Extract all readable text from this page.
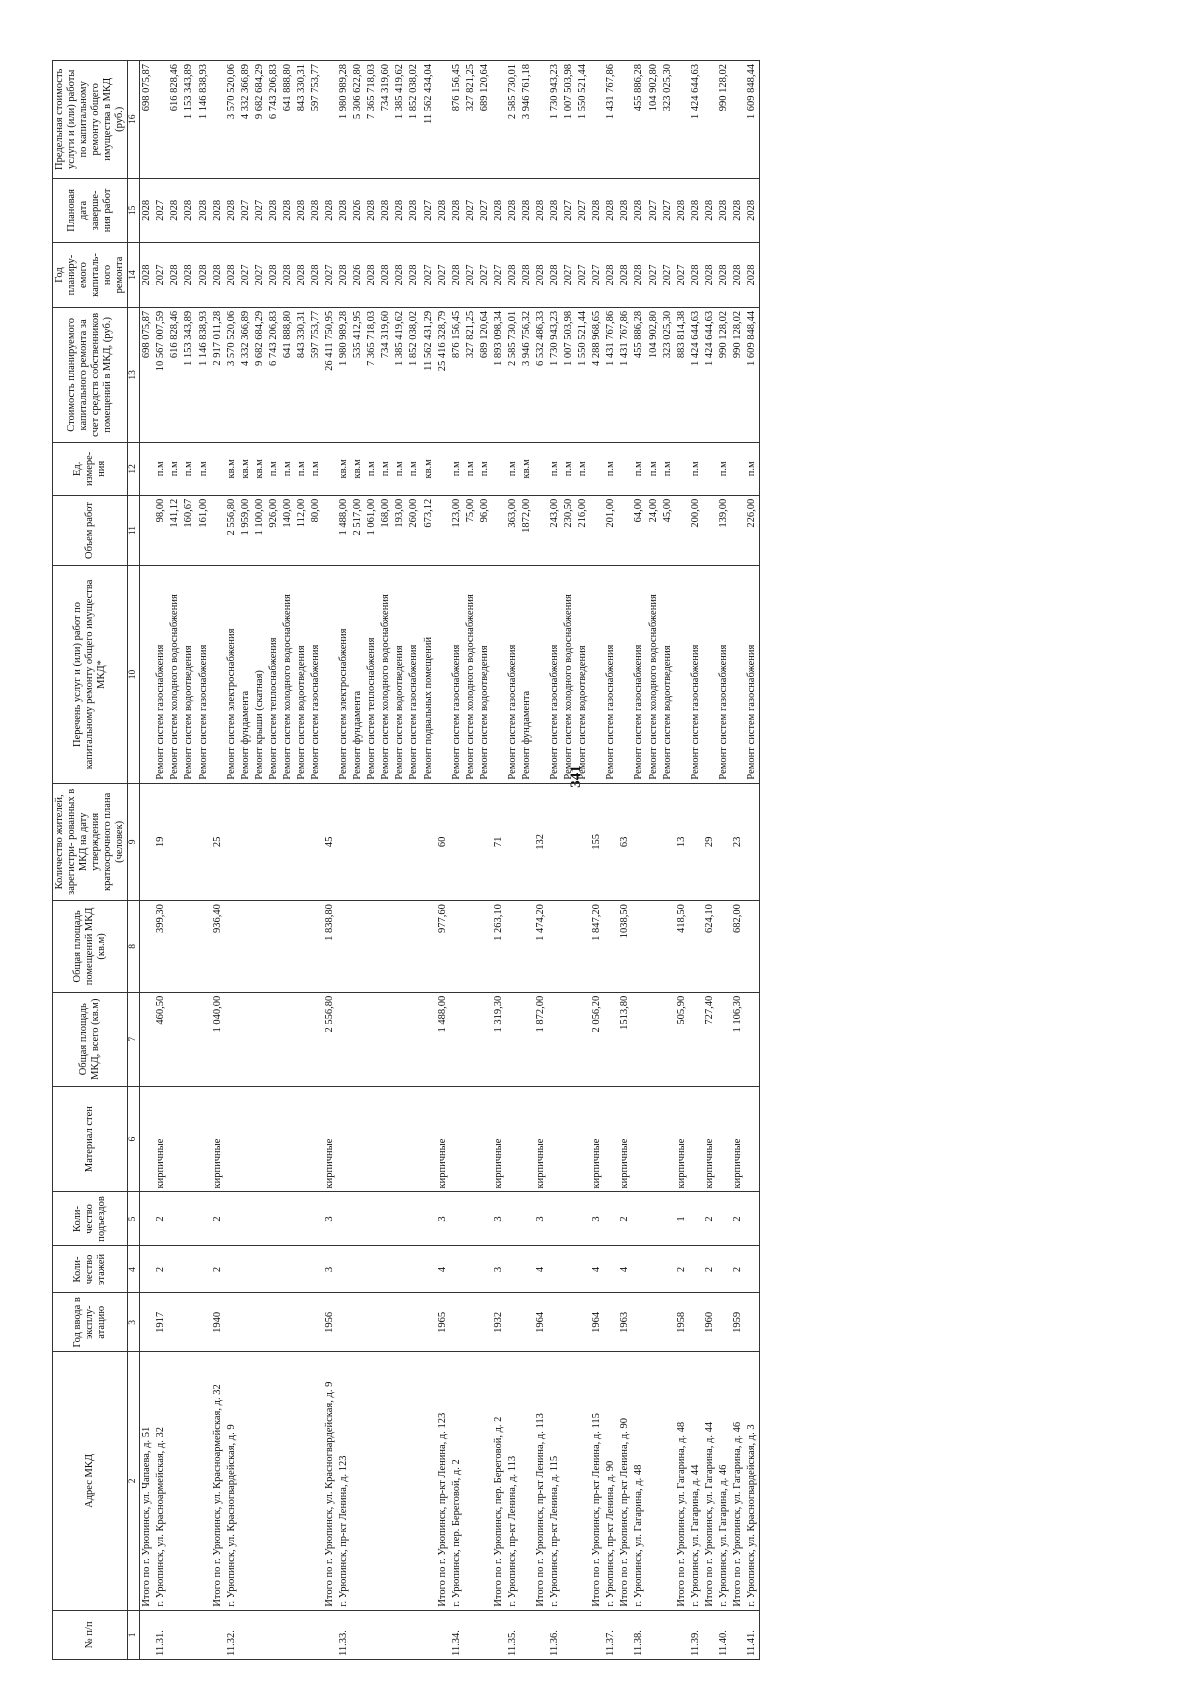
341
№ п/п	Адрес МКД	Год ввода в эксплу- атацию	Коли- чество этажей	Коли- чество подъездов	Материал стен	Общая площадь МКД, всего (кв.м)	Общая площадь помещений МКД (кв.м)	Количество жителей, зарегистри- рованных в МКД на дату утверждения краткосрочного плана (человек)	Перечень услуг и (или) работ по капитальному ремонту общего имущества МКД*	Объем работ	Ед. измере- ния	Стоимость планируемого капитального ремонта за счет средств собственников помещений в МКД, (руб.)	Год планиру- емого капиталь- ного ремонта	Плановая дата заверше- ния работ	Предельная стоимость услуги и (или) работы по капитальному ремонту общего имущества в МКД (руб.)
1	2	3	4	5	6	7	8	9	10	11	12	13	14	15	16
	Итого по г. Урюпинск, ул. Чапаева, д. 51											698 075,87	2028	2028	698 075,87
11.31.	г. Урюпинск, ул. Красноармейская, д. 32	1917	2	2	кирпичные	460,50	399,30	19	Ремонт систем газоснабжения	98,00	п.м	10 567 007,59	2027	2027	
									Ремонт систем холодного водоснабжения	141,12	п.м	616 828,46	2028	2028	616 828,46
									Ремонт систем водоотведения	160,67	п.м	1 153 343,89	2028	2028	1 153 343,89
									Ремонт систем газоснабжения	161,00	п.м	1 146 838,93	2028	2028	1 146 838,93
	Итого по г. Урюпинск, ул. Красноармейская, д. 32	1940	2	2	кирпичные	1 040,00	936,40	25				2 917 011,28	2028	2028	
11.32.	г. Урюпинск, ул. Красногвардейская, д. 9								Ремонт систем электроснабжения	2 556,80	кв.м	3 570 520,06	2028	2028	3 570 520,06
									Ремонт фундамента	1 959,00	кв.м	4 332 366,89	2027	2027	4 332 366,89
									Ремонт крыши (скатная)	1 100,00	кв.м	9 682 684,29	2027	2027	9 682 684,29
									Ремонт систем теплоснабжения	926,00	п.м	6 743 206,83	2028	2028	6 743 206,83
									Ремонт систем холодного водоснабжения	140,00	п.м	641 888,80	2028	2028	641 888,80
									Ремонт систем водоотведения	112,00	п.м	843 330,31	2028	2028	843 330,31
									Ремонт систем газоснабжения	80,00	п.м	597 753,77	2028	2028	597 753,77
	Итого по г. Урюпинск, ул. Красногвардейская, д. 9	1956	3	3	кирпичные	2 556,80	1 838,80	45				26 411 750,95	2027	2028	
11.33.	г. Урюпинск, пр-кт Ленина, д. 123								Ремонт систем электроснабжения	1 488,00	кв.м	1 980 989,28	2028	2028	1 980 989,28
									Ремонт фундамента	2 517,00	кв.м	535 412,95	2026	2026	5 306 622,80
									Ремонт систем теплоснабжения	1 061,00	п.м	7 365 718,03	2028	2028	7 365 718,03
									Ремонт систем холодного водоснабжения	168,00	п.м	734 319,60	2028	2028	734 319,60
									Ремонт систем водоотведения	193,00	п.м	1 385 419,62	2028	2028	1 385 419,62
									Ремонт систем газоснабжения	260,00	п.м	1 852 038,02	2028	2028	1 852 038,02
									Ремонт подвальных помещений	673,12	кв.м	11 562 431,29	2027	2027	11 562 434,04
	Итого по г. Урюпинск, пр-кт Ленина, д. 123	1965	4	3	кирпичные	1 488,00	977,60	60				25 416 328,79	2027	2028	
11.34.	г. Урюпинск, пер. Береговой, д. 2								Ремонт систем газоснабжения	123,00	п.м	876 156,45	2028	2028	876 156,45
									Ремонт систем холодного водоснабжения	75,00	п.м	327 821,25	2027	2027	327 821,25
									Ремонт систем водоотведения	96,00	п.м	689 120,64	2027	2027	689 120,64
	Итого по г. Урюпинск, пер. Береговой, д. 2	1932	3	3	кирпичные	1 319,30	1 263,10	71				1 893 098,34	2027	2028	
11.35.	г. Урюпинск, пр-кт Ленина, д. 113								Ремонт систем газоснабжения	363,00	п.м	2 585 730,01	2028	2028	2 585 730,01
									Ремонт фундамента	1872,00	кв.м	3 946 756,32	2028	2028	3 946 761,18
	Итого по г. Урюпинск, пр-кт Ленина, д. 113	1964	4	3	кирпичные	1 872,00	1 474,20	132				6 532 486,33	2028	2028	
11.36.	г. Урюпинск, пр-кт Ленина, д. 115								Ремонт систем газоснабжения	243,00	п.м	1 730 943,23	2028	2028	1 730 943,23
									Ремонт систем холодного водоснабжения	230,50	п.м	1 007 503,98	2027	2027	1 007 503,98
									Ремонт систем водоотведения	216,00	п.м	1 550 521,44	2027	2027	1 550 521,44
	Итого по г. Урюпинск, пр-кт Ленина, д. 115	1964	4	3	кирпичные	2 056,20	1 847,20	155				4 288 968,65	2027	2028	
11.37.	г. Урюпинск, пр-кт Ленина, д. 90								Ремонт систем газоснабжения	201,00	п.м	1 431 767,86	2028	2028	1 431 767,86
	Итого по г. Урюпинск, пр-кт Ленина, д. 90	1963	4	2	кирпичные	1513,80	1038,50	63				1 431 767,86	2028	2028	
11.38.	г. Урюпинск, ул. Гагарина, д. 48								Ремонт систем газоснабжения	64,00	п.м	455 886,28	2028	2028	455 886,28
									Ремонт систем холодного водоснабжения	24,00	п.м	104 902,80	2027	2027	104 902,80
									Ремонт систем водоотведения	45,00	п.м	323 025,30	2027	2027	323 025,30
	Итого по г. Урюпинск, ул. Гагарина, д. 48	1958	2	1	кирпичные	505,90	418,50	13				883 814,38	2027	2028	
11.39.	г. Урюпинск, ул. Гагарина, д. 44								Ремонт систем газоснабжения	200,00	п.м	1 424 644,63	2028	2028	1 424 644,63
	Итого по г. Урюпинск, ул. Гагарина, д. 44	1960	2	2	кирпичные	727,40	624,10	29				1 424 644,63	2028	2028	
11.40.	г. Урюпинск, ул. Гагарина, д. 46								Ремонт систем газоснабжения	139,00	п.м	990 128,02	2028	2028	990 128,02
	Итого по г. Урюпинск, ул. Гагарина, д. 46	1959	2	2	кирпичные	1 106,30	682,00	23				990 128,02	2028	2028	
11.41.	г. Урюпинск, ул. Красногвардейская, д. 3								Ремонт систем газоснабжения	226,00	п.м	1 609 848,44	2028	2028	1 609 848,44
